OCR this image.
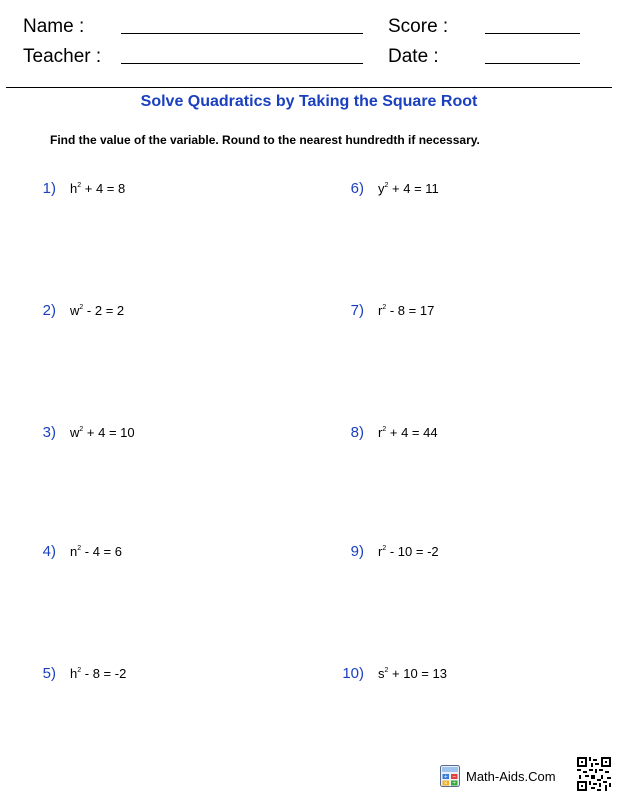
Name :
Teacher :
Score :
Date :
Solve Quadratics by Taking the Square Root
Find the value of the variable. Round to the nearest hundredth if necessary.
1) $h^2 + 4 = 8$
2) $w^2 - 2 = 2$
3) $w^2 + 4 = 10$
4) $n^2 - 4 = 6$
5) $h^2 - 8 = -2$
6) $y^2 + 4 = 11$
7) $r^2 - 8 = 17$
8) $r^2 + 4 = 44$
9) $r^2 - 10 = -2$
10) $s^2 + 10 = 13$
+ −
× ÷ Math-Aids.Com
